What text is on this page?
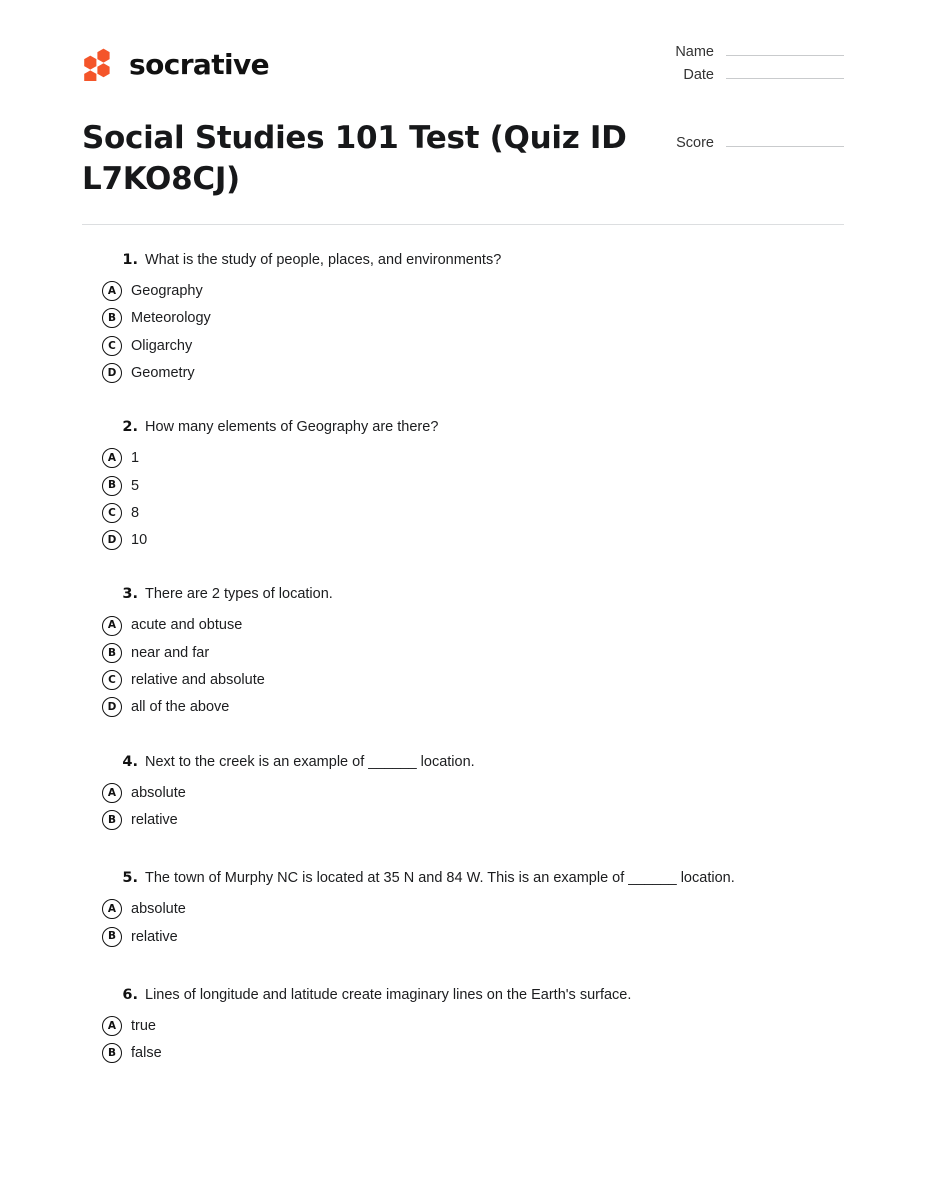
socrative	Name
Date
Score
Social Studies 101 Test (Quiz ID L7KO8CJ)
1. What is the study of people, places, and environments?
A	Geography
B	Meteorology
C	Oligarchy
D	Geometry
2. How many elements of Geography are there?
A	1
B	5
C	8
D	10
3. There are 2 types of location.
A	acute and obtuse
B	near and far
C	relative and absolute
D	all of the above
4. Next to the creek is an example of ______ location.
A	absolute
B	relative
5. The town of Murphy NC is located at 35 N and 84 W. This is an example of ______ location.
A	absolute
B	relative
6. Lines of longitude and latitude create imaginary lines on the Earth's surface.
A	true
B	false
